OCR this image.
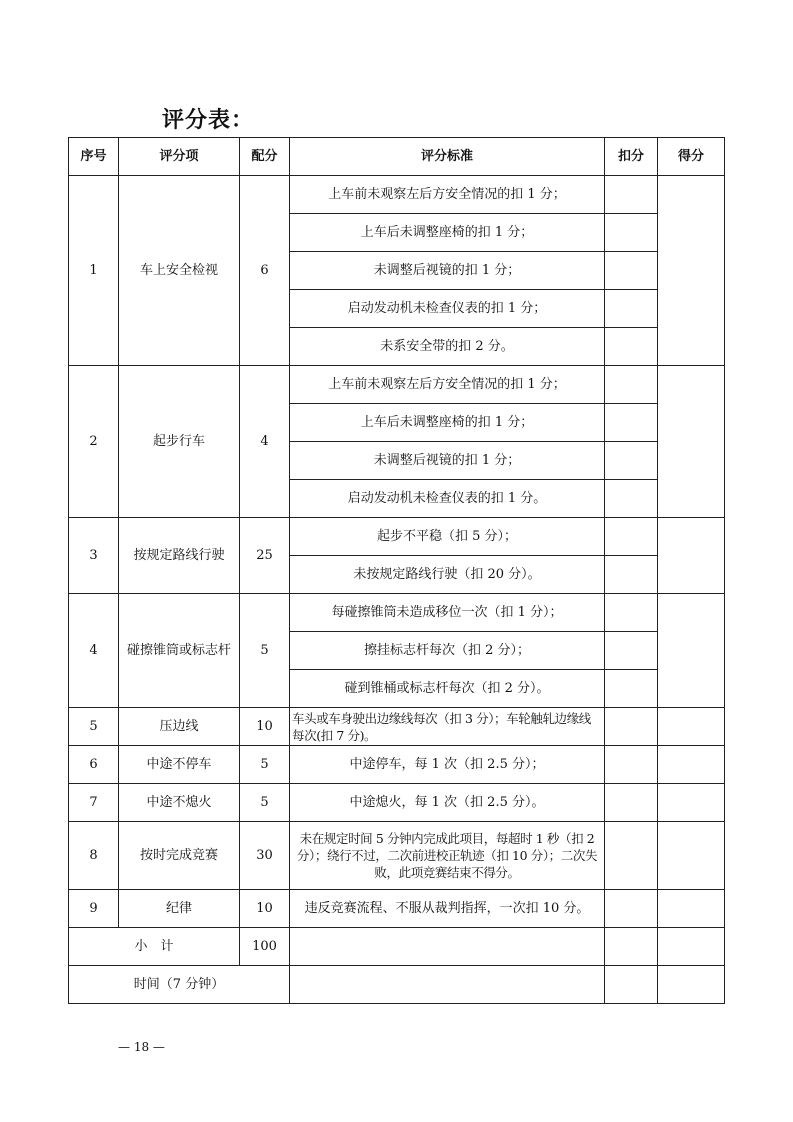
评分表：
序号	评分项	配分	评分标准	扣分	得分
1	车上安全检视	6	上车前未观察左后方安全情况的扣 1 分；		
			上车后未调整座椅的扣 1 分；		
			未调整后视镜的扣 1 分；		
			启动发动机未检查仪表的扣 1 分；		
			未系安全带的扣 2 分。		
2	起步行车	4	上车前未观察左后方安全情况的扣 1 分；		
			上车后未调整座椅的扣 1 分；		
			未调整后视镜的扣 1 分；		
			启动发动机未检查仪表的扣 1 分。		
3	按规定路线行驶	25	起步不平稳（扣 5 分）；		
			未按规定路线行驶（扣 20 分）。		
4	碰擦锥筒或标志杆	5	每碰擦锥筒未造成移位一次（扣 1 分）；		
			擦挂标志杆每次（扣 2 分）；		
			碰到锥桶或标志杆每次（扣 2 分）。		
5	压边线	10	车头或车身驶出边缘线每次（扣 3 分）；车轮触轧边缘线每次(扣 7 分)。		
6	中途不停车	5	中途停车，每 1 次（扣 2.5 分）；		
7	中途不熄火	5	中途熄火，每 1 次（扣 2.5 分）。		
8	按时完成竞赛	30	未在规定时间 5 分钟内完成此项目，每超时 1 秒（扣 2 分）；绕行不过，二次前进校正轨迹（扣 10 分）；二次失败，此项竞赛结束不得分。		
9	纪律	10	违反竞赛流程、不服从裁判指挥，一次扣 10 分。		
小　计		100			
时间（7 分钟）					
— 18 —
